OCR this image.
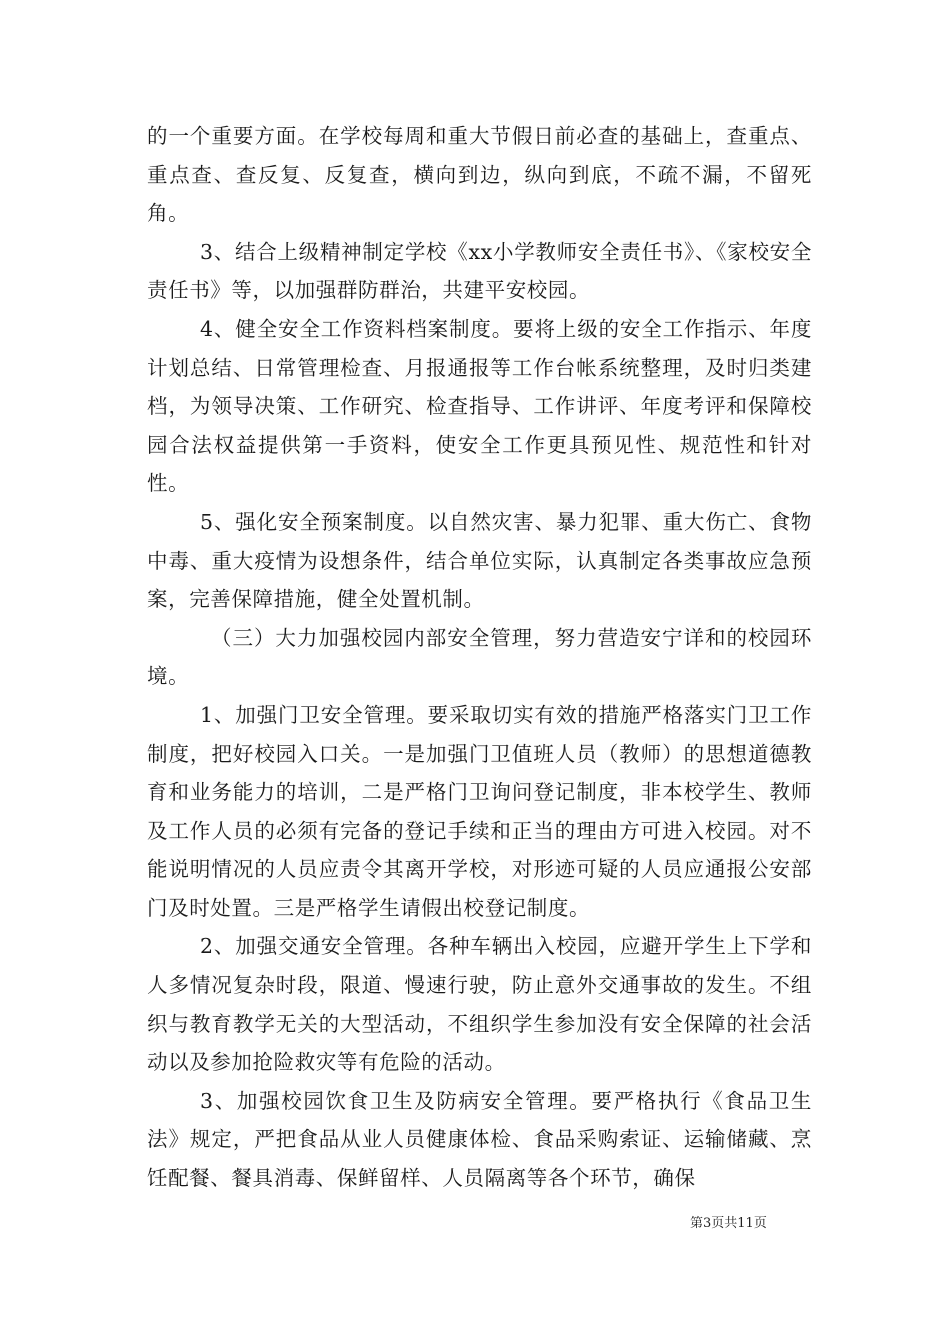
的一个重要方面。在学校每周和重大节假日前必查的基础上，查重点、重点查、查反复、反复查，横向到边，纵向到底，不疏不漏，不留死角。

3、结合上级精神制定学校《xx小学教师安全责任书》、《家校安全责任书》等，以加强群防群治，共建平安校园。

4、健全安全工作资料档案制度。要将上级的安全工作指示、年度计划总结、日常管理检查、月报通报等工作台帐系统整理，及时归类建档，为领导决策、工作研究、检查指导、工作讲评、年度考评和保障校园合法权益提供第一手资料，使安全工作更具预见性、规范性和针对性。

5、强化安全预案制度。以自然灾害、暴力犯罪、重大伤亡、食物中毒、重大疫情为设想条件，结合单位实际，认真制定各类事故应急预案，完善保障措施，健全处置机制。

（三）大力加强校园内部安全管理，努力营造安宁详和的校园环境。

1、加强门卫安全管理。要采取切实有效的措施严格落实门卫工作制度，把好校园入口关。一是加强门卫值班人员（教师）的思想道德教育和业务能力的培训，二是严格门卫询问登记制度，非本校学生、教师及工作人员的必须有完备的登记手续和正当的理由方可进入校园。对不能说明情况的人员应责令其离开学校，对形迹可疑的人员应通报公安部门及时处置。三是严格学生请假出校登记制度。

2、加强交通安全管理。各种车辆出入校园，应避开学生上下学和人多情况复杂时段，限道、慢速行驶，防止意外交通事故的发生。不组织与教育教学无关的大型活动，不组织学生参加没有安全保障的社会活动以及参加抢险救灾等有危险的活动。

3、加强校园饮食卫生及防病安全管理。要严格执行《食品卫生法》规定，严把食品从业人员健康体检、食品采购索证、运输储藏、烹饪配餐、餐具消毒、保鲜留样、人员隔离等各个环节，确保

第3页共11页
